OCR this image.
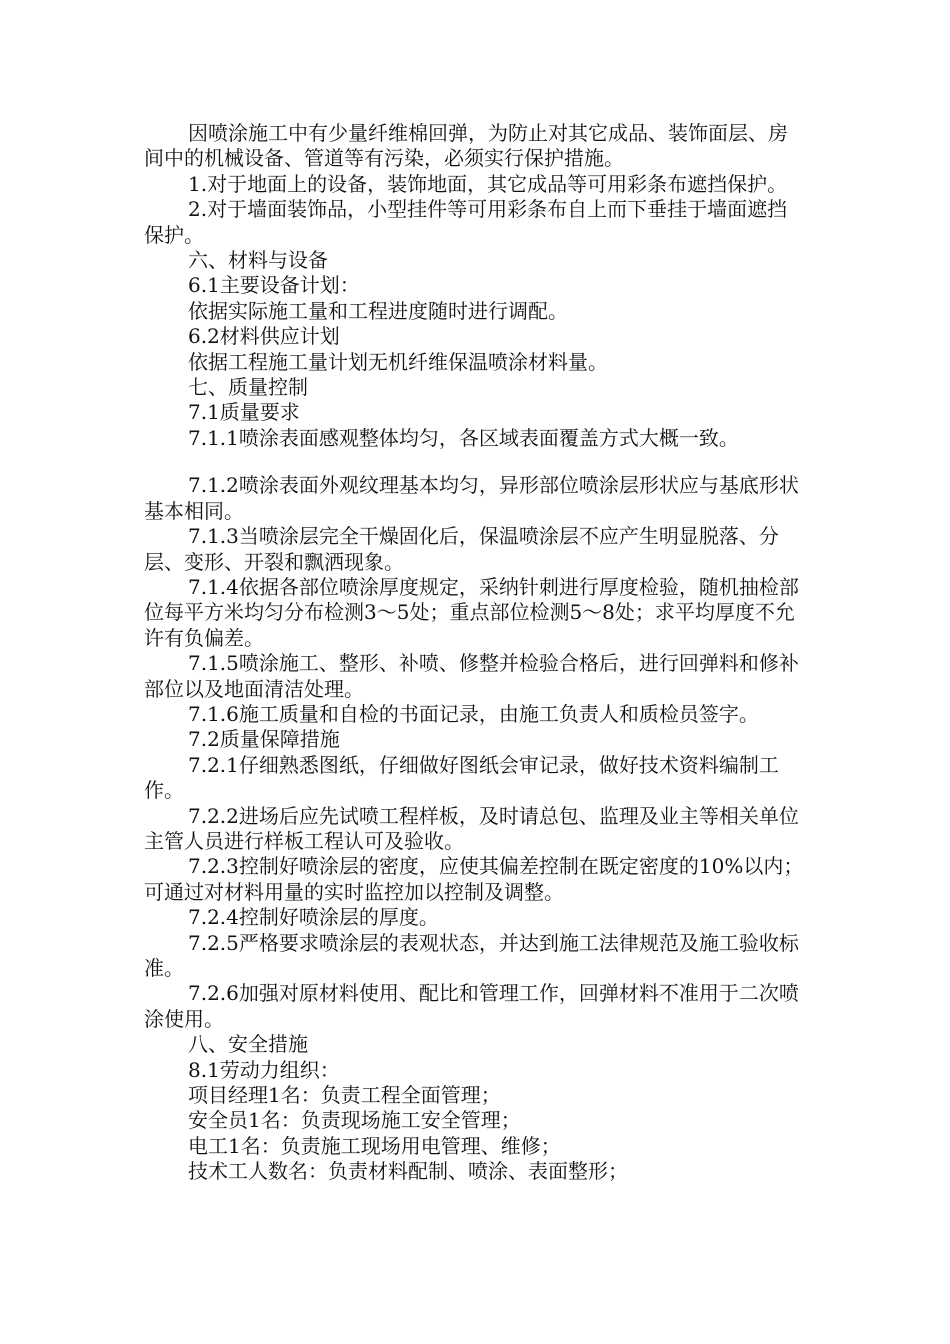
因喷涂施工中有少量纤维棉回弹，为防止对其它成品、装饰面层、房间中的机械设备、管道等有污染，必须实行保护措施。

1.对于地面上的设备，装饰地面，其它成品等可用彩条布遮挡保护。

2.对于墙面装饰品，小型挂件等可用彩条布自上而下垂挂于墙面遮挡保护。

六、材料与设备

6.1主要设备计划：

依据实际施工量和工程进度随时进行调配。

6.2材料供应计划

依据工程施工量计划无机纤维保温喷涂材料量。

七、质量控制

7.1质量要求

7.1.1喷涂表面感观整体均匀，各区域表面覆盖方式大概一致。

7.1.2喷涂表面外观纹理基本均匀，异形部位喷涂层形状应与基底形状基本相同。

7.1.3当喷涂层完全干燥固化后，保温喷涂层不应产生明显脱落、分层、变形、开裂和飘洒现象。

7.1.4依据各部位喷涂厚度规定，采纳针刺进行厚度检验，随机抽检部位每平方米均匀分布检测3～5处；重点部位检测5～8处；求平均厚度不允许有负偏差。

7.1.5喷涂施工、整形、补喷、修整并检验合格后，进行回弹料和修补部位以及地面清洁处理。

7.1.6施工质量和自检的书面记录，由施工负责人和质检员签字。

7.2质量保障措施

7.2.1仔细熟悉图纸，仔细做好图纸会审记录，做好技术资料编制工作。

7.2.2进场后应先试喷工程样板，及时请总包、监理及业主等相关单位主管人员进行样板工程认可及验收。

7.2.3控制好喷涂层的密度，应使其偏差控制在既定密度的10%以内；可通过对材料用量的实时监控加以控制及调整。

7.2.4控制好喷涂层的厚度。

7.2.5严格要求喷涂层的表观状态，并达到施工法律规范及施工验收标准。

7.2.6加强对原材料使用、配比和管理工作，回弹材料不准用于二次喷涂使用。

八、安全措施

8.1劳动力组织：

项目经理1名：负责工程全面管理；

安全员1名：负责现场施工安全管理；

电工1名：负责施工现场用电管理、维修；

技术工人数名：负责材料配制、喷涂、表面整形；
